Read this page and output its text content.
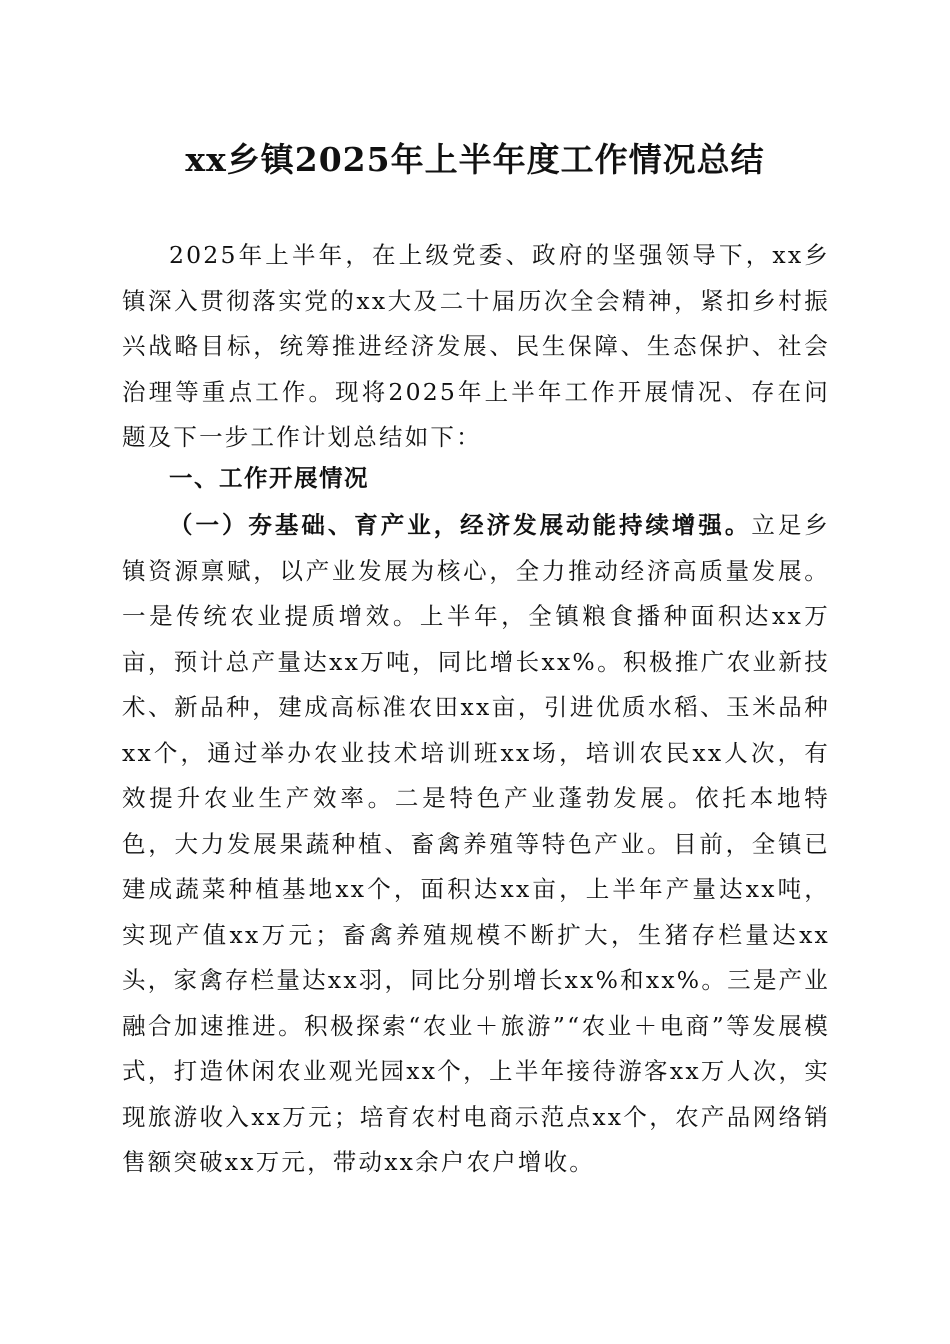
xx乡镇2025年上半年度工作情况总结

2025年上半年，在上级党委、政府的坚强领导下，xx乡镇深入贯彻落实党的xx大及二十届历次全会精神，紧扣乡村振兴战略目标，统筹推进经济发展、民生保障、生态保护、社会治理等重点工作。现将2025年上半年工作开展情况、存在问题及下一步工作计划总结如下：

一、工作开展情况

（一）夯基础、育产业，经济发展动能持续增强。立足乡镇资源禀赋，以产业发展为核心，全力推动经济高质量发展。一是传统农业提质增效。上半年，全镇粮食播种面积达xx万亩，预计总产量达xx万吨，同比增长xx%。积极推广农业新技术、新品种，建成高标准农田xx亩，引进优质水稻、玉米品种xx个，通过举办农业技术培训班xx场，培训农民xx人次，有效提升农业生产效率。二是特色产业蓬勃发展。依托本地特色，大力发展果蔬种植、畜禽养殖等特色产业。目前，全镇已建成蔬菜种植基地xx个，面积达xx亩，上半年产量达xx吨，实现产值xx万元；畜禽养殖规模不断扩大，生猪存栏量达xx头，家禽存栏量达xx羽，同比分别增长xx%和xx%。三是产业融合加速推进。积极探索“农业＋旅游”“农业＋电商”等发展模式，打造休闲农业观光园xx个，上半年接待游客xx万人次，实现旅游收入xx万元；培育农村电商示范点xx个，农产品网络销售额突破xx万元，带动xx余户农户增收。
